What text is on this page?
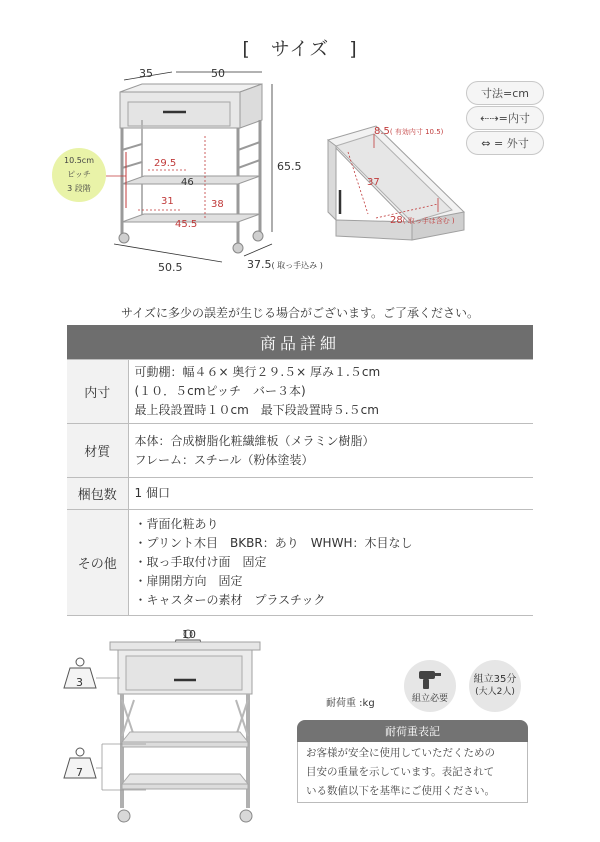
[　サイズ　]
寸法=cm
⇠⇢=内寸
⇔ = 外寸
10.5cm
ピッチ
3 段階
35	50
65.5
50.5	37.5( 取っ手込み )
29.5
46
31	38
45.5
8.5( 有効内寸 10.5)
37
28( 取っ手は含む )
サイズに多少の誤差が生じる場合がございます。ご了承ください。
商品詳細
内寸	可動棚：幅４６× 奥行２９.５× 厚み１.５cm
(１０．５cmピッチ　バー３本)
最上段設置時１０cm　最下段設置時５.５cm

材質	本体：合成樹脂化粧繊維板（メラミン樹脂）
フレーム：スチール（粉体塗装）

梱包数	1 個口

その他	・背面化粧あり
・プリント木目　BKBR：あり　WHWH：木目なし
・取っ手取付け面　固定
・扉開閉方向　固定
・キャスターの素材　プラスチック
10
3
7
組立必要
組立35分
(大人2人)
耐荷重 :kg
耐荷重表記
お客様が安全に使用していただくための
目安の重量を示しています。表記されて
いる数値以下を基準にご使用ください。
